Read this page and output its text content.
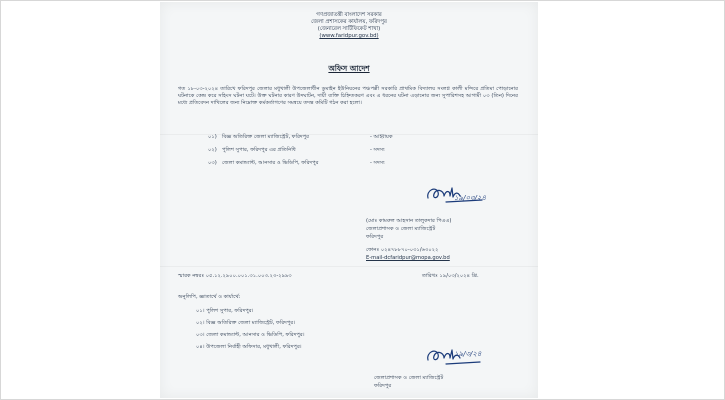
গণপ্রজাতন্ত্রী বাংলাদেশ সরকার
জেলা প্রশাসকের কার্যালয়, ফরিদপুর
(জেনারেল সার্টিফিকেট শাখা)
(www.faridpur.gov.bd)
অফিস আদেশ
গত ১৮-০৩-২০২৪ তারিখে ফরিদপুর জেলার মধুখালী উপজেলাধীন ডুমাইন ইউনিয়নের পঞ্চপল্লী সরকারি প্রাথমিক বিদ্যালয় সংলগ্ন কালী মন্দিরে প্রতিমা পোড়ানোর ঘটনাকে কেন্দ্র করে সহিংস ঘটনা ঘটে। উক্ত ঘটনার কারণ উদঘাটন, দায়ী ব্যক্তি চিহ্নিতকরণ এবং এ ধরনের ঘটনা এড়ানোর জন্য সুপারিশসহ আগামী ০৩ (তিন) দিনের মধ্যে প্রতিবেদন দাখিলের জন্য নিম্নোক্ত কর্মকর্তাগণের সমন্বয়ে তদন্ত কমিটি গঠন করা হলো।
০১) বিজ্ঞ অতিরিক্ত জেলা ম্যাজিস্ট্রেট, ফরিদপুর	- আহ্বায়ক
০২) পুলিশ সুপার, ফরিদপুর এর প্রতিনিধি	- সদস্য
০৩) জেলা কমান্ড্যান্ট, আনসার ও ভিডিপি, ফরিদপুর	- সদস্য
১৯/০৩/২৪
(মোঃ কামরুল আহসান তালুকদার পিএএ)
জেলাপ্রশাসক ও জেলা ম্যাজিস্ট্রেট
ফরিদপুর
ফোনঃ ০২৪৭৮৮৭০-০৩১/৬৩০২২
E-mail-dcfaridpur@mopa.gov.bd
স্মারক নম্বরঃ ০৫.১২.২৯০০.০০১.৩১.০০৩.২৩-২৯৯৩	তারিখঃ ১৯/০৩/২০২৪ খ্রি.
অনুলিপি, জ্ঞাতার্থে ও কার্যার্থে:
০১। পুলিশ সুপার, ফরিদপুর।
০২। বিজ্ঞ অতিরিক্ত জেলা ম্যাজিস্ট্রেট, ফরিদপুর।
০৩। জেলা কমান্ড্যান্ট, আনসার ও ভিডিপি, ফরিদপুর।
০৪। উপজেলা নির্বাহী অফিসার, মধুখালী, ফরিদপুর।
১৯/৩/২৪
জেলাপ্রশাসক ও জেলা ম্যাজিস্ট্রেট
ফরিদপুর
